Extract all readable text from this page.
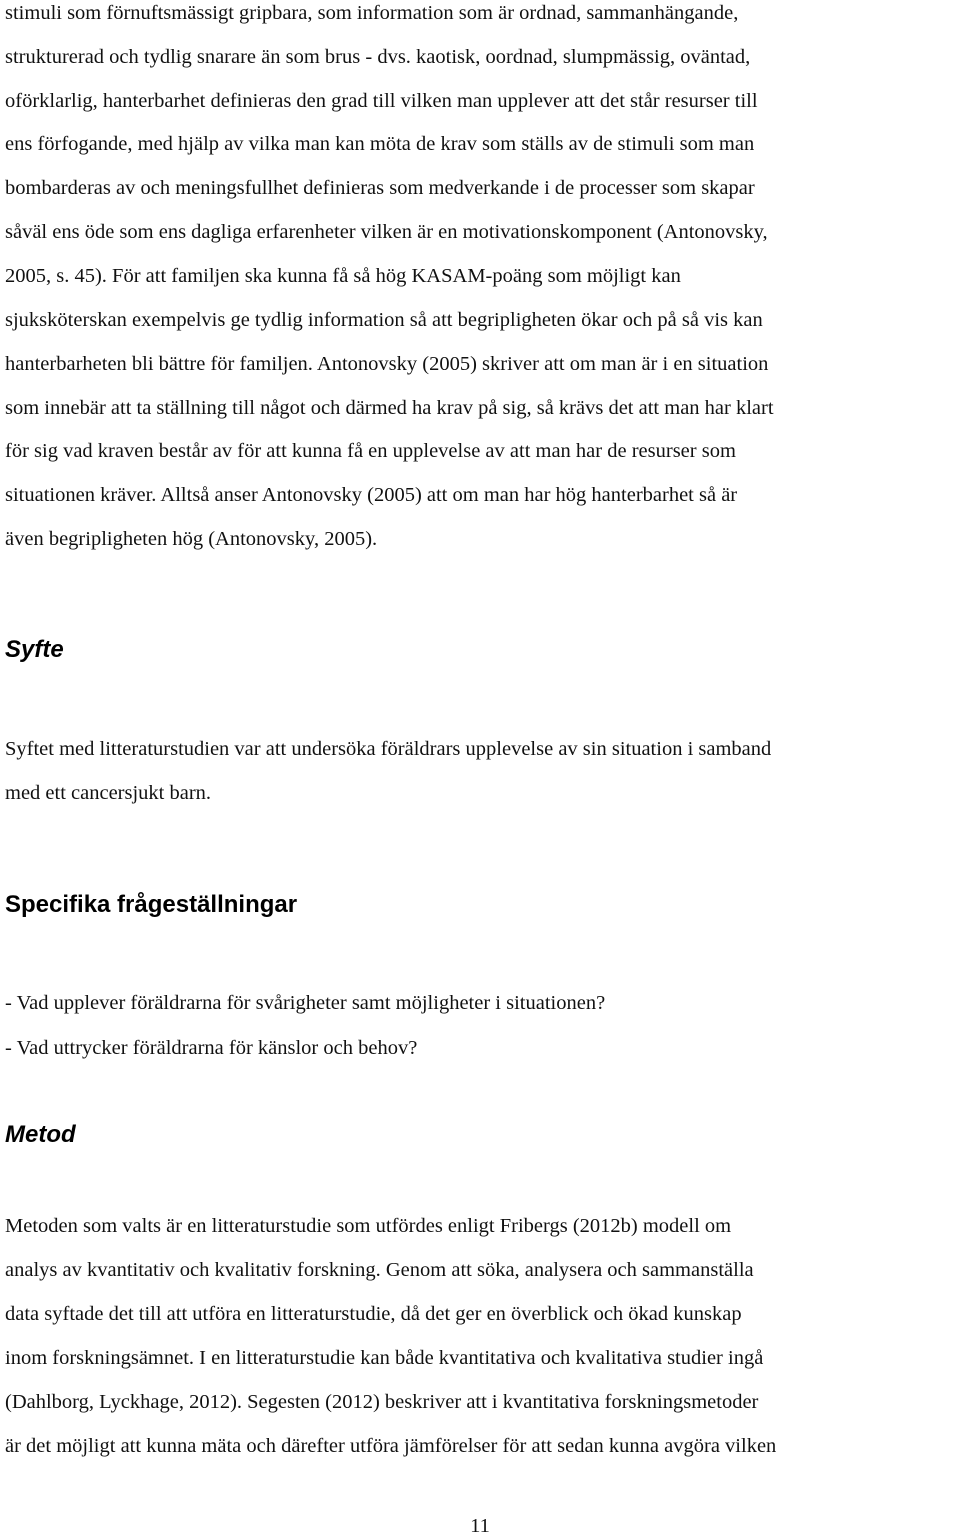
stimuli som förnuftsmässigt gripbara, som information som är ordnad, sammanhängande,
strukturerad och tydlig snarare än som brus - dvs. kaotisk, oordnad, slumpmässig, oväntad,
oförklarlig, hanterbarhet definieras den grad till vilken man upplever att det står resurser till
ens förfogande, med hjälp av vilka man kan möta de krav som ställs av de stimuli som man
bombarderas av och meningsfullhet definieras som medverkande i de processer som skapar
såväl ens öde som ens dagliga erfarenheter vilken är en motivationskomponent (Antonovsky,
2005, s. 45). För att familjen ska kunna få så hög KASAM-poäng som möjligt kan
sjuksköterskan exempelvis ge tydlig information så att begripligheten ökar och på så vis kan
hanterbarheten bli bättre för familjen. Antonovsky (2005) skriver att om man är i en situation
som innebär att ta ställning till något och därmed ha krav på sig, så krävs det att man har klart
för sig vad kraven består av för att kunna få en upplevelse av att man har de resurser som
situationen kräver. Alltså anser Antonovsky (2005) att om man har hög hanterbarhet så är
även begripligheten hög (Antonovsky, 2005).
Syfte
Syftet med litteraturstudien var att undersöka föräldrars upplevelse av sin situation i samband
med ett cancersjukt barn.
Specifika frågeställningar
- Vad upplever föräldrarna för svårigheter samt möjligheter i situationen?
- Vad uttrycker föräldrarna för känslor och behov?
Metod
Metoden som valts är en litteraturstudie som utfördes enligt Fribergs (2012b) modell om
analys av kvantitativ och kvalitativ forskning. Genom att söka, analysera och sammanställa
data syftade det till att utföra en litteraturstudie, då det ger en överblick och ökad kunskap
inom forskningsämnet. I en litteraturstudie kan både kvantitativa och kvalitativa studier ingå
(Dahlborg, Lyckhage, 2012). Segesten (2012) beskriver att i kvantitativa forskningsmetoder
är det möjligt att kunna mäta och därefter utföra jämförelser för att sedan kunna avgöra vilken
11
